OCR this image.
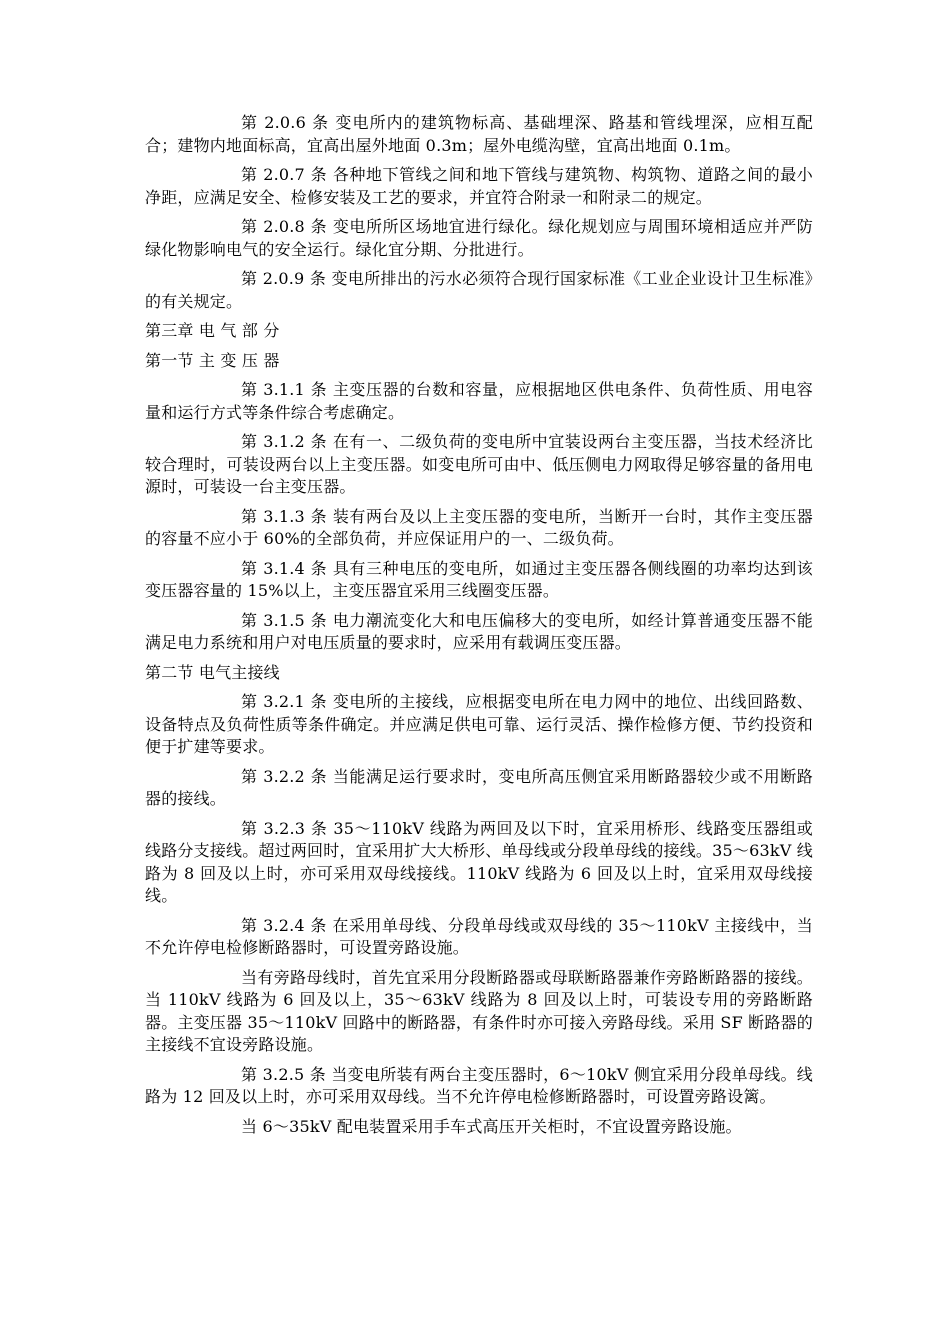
第 2.0.6 条 变电所内的建筑物标高、基础埋深、路基和管线埋深，应相互配合；建物内地面标高，宜高出屋外地面 0.3m；屋外电缆沟壁，宜高出地面 0.1m。

第 2.0.7 条 各种地下管线之间和地下管线与建筑物、构筑物、道路之间的最小净距，应满足安全、检修安装及工艺的要求，并宜符合附录一和附录二的规定。

第 2.0.8 条 变电所所区场地宜进行绿化。绿化规划应与周围环境相适应并严防绿化物影响电气的安全运行。绿化宜分期、分批进行。

第 2.0.9 条 变电所排出的污水必须符合现行国家标准《工业企业设计卫生标准》的有关规定。

第三章 电 气 部 分

第一节 主 变 压 器

第 3.1.1 条 主变压器的台数和容量，应根据地区供电条件、负荷性质、用电容量和运行方式等条件综合考虑确定。

第 3.1.2 条 在有一、二级负荷的变电所中宜装设两台主变压器，当技术经济比较合理时，可装设两台以上主变压器。如变电所可由中、低压侧电力网取得足够容量的备用电源时，可装设一台主变压器。

第 3.1.3 条 装有两台及以上主变压器的变电所，当断开一台时，其作主变压器的容量不应小于 60%的全部负荷，并应保证用户的一、二级负荷。

第 3.1.4 条 具有三种电压的变电所，如通过主变压器各侧线圈的功率均达到该变压器容量的 15%以上，主变压器宜采用三线圈变压器。

第 3.1.5 条 电力潮流变化大和电压偏移大的变电所，如经计算普通变压器不能满足电力系统和用户对电压质量的要求时，应采用有载调压变压器。

第二节 电气主接线

第 3.2.1 条 变电所的主接线，应根据变电所在电力网中的地位、出线回路数、设备特点及负荷性质等条件确定。并应满足供电可靠、运行灵活、操作检修方便、节约投资和便于扩建等要求。

第 3.2.2 条 当能满足运行要求时，变电所高压侧宜采用断路器较少或不用断路器的接线。

第 3.2.3 条 35～110kV 线路为两回及以下时，宜采用桥形、线路变压器组或线路分支接线。超过两回时，宜采用扩大大桥形、单母线或分段单母线的接线。35～63kV 线路为 8 回及以上时，亦可采用双母线接线。110kV 线路为 6 回及以上时，宜采用双母线接线。

第 3.2.4 条 在采用单母线、分段单母线或双母线的 35～110kV 主接线中，当不允许停电检修断路器时，可设置旁路设施。

当有旁路母线时，首先宜采用分段断路器或母联断路器兼作旁路断路器的接线。当 110kV 线路为 6 回及以上，35～63kV 线路为 8 回及以上时，可装设专用的旁路断路器。主变压器 35～110kV 回路中的断路器，有条件时亦可接入旁路母线。采用 SF 断路器的主接线不宜设旁路设施。

第 3.2.5 条 当变电所装有两台主变压器时，6～10kV 侧宜采用分段单母线。线路为 12 回及以上时，亦可采用双母线。当不允许停电检修断路器时，可设置旁路设篱。

当 6～35kV 配电装置采用手车式高压开关柜时，不宜设置旁路设施。
